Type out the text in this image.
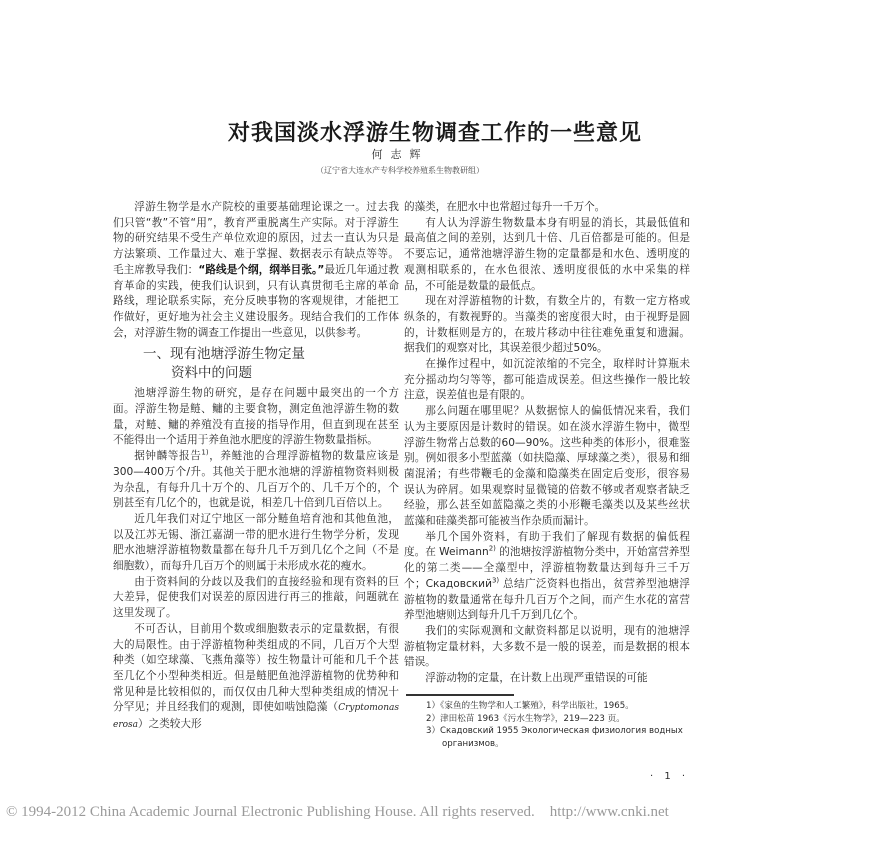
对我国淡水浮游生物调查工作的一些意见
何志辉
（辽宁省大连水产专科学校养殖系生物教研组）

浮游生物学是水产院校的重要基础理论课之一。过去我们只管“教”不管“用”，教育严重脱离生产实际。对于浮游生物的研究结果不受生产单位欢迎的原因，过去一直认为只是方法繁琐、工作量过大、难于掌握、数据表示有缺点等等。毛主席教导我们：“路线是个纲，纲举目张。”最近几年通过教育革命的实践，使我们认识到，只有认真贯彻毛主席的革命路线，理论联系实际，充分反映事物的客观规律，才能把工作做好，更好地为社会主义建设服务。现结合我们的工作体会，对浮游生物的调查工作提出一些意见，以供参考。

一、现有池塘浮游生物定量
资料中的问题

池塘浮游生物的研究，是存在问题中最突出的一个方面。浮游生物是鲢、鳙的主要食物，测定鱼池浮游生物的数量，对鲢、鳙的养殖没有直接的指导作用，但直到现在甚至不能得出一个适用于养鱼池水肥度的浮游生物数量指标。

据钟麟等报告$^{1)}$，养鲢池的合理浮游植物的数量应该是300—400万个/升。其他关于肥水池塘的浮游植物资料则极为杂乱，有每升几十万个的、几百万个的、几千万个的，个别甚至有几亿个的，也就是说，相差几十倍到几百倍以上。

近几年我们对辽宁地区一部分鲢鱼培育池和其他鱼池，以及江苏无锡、浙江嘉湖一带的肥水进行生物学分析，发现肥水池塘浮游植物数量都在每升几千万到几亿个之间（不是细胞数），而每升几百万个的则属于未形成水花的瘦水。

由于资料间的分歧以及我们的直接经验和现有资料的巨大差异，促使我们对误差的原因进行再三的推敲，问题就在这里发现了。

不可否认，目前用个数或细胞数表示的定量数据，有很大的局限性。由于浮游植物种类组成的不同，几百万个大型种类（如空球藻、飞燕角藻等）按生物量计可能和几千个甚至几亿个小型种类相近。但是鲢肥鱼池浮游植物的优势种和常见种是比较相似的，而仅仅由几种大型种类组成的情况十分罕见；并且经我们的观测，即使如啮蚀隐藻（Cryptomonas erosa）之类较大形

的藻类，在肥水中也常超过每升一千万个。

有人认为浮游生物数量本身有明显的消长，其最低值和最高值之间的差别，达到几十倍、几百倍都是可能的。但是不要忘记，通常池塘浮游生物的定量都是和水色、透明度的观测相联系的，在水色很浓、透明度很低的水中采集的样品，不可能是数量的最低点。

现在对浮游植物的计数，有数全片的，有数一定方格或纵条的，有数视野的。当藻类的密度很大时，由于视野是圆的，计数框则是方的，在玻片移动中往往难免重复和遗漏。据我们的观察对比，其误差很少超过50%。

在操作过程中，如沉淀浓缩的不完全，取样时计算瓶未充分摇动均匀等等，都可能造成误差。但这些操作一般比较注意，误差值也是有限的。

那么问题在哪里呢？从数据惊人的偏低情况来看，我们认为主要原因是计数时的错误。如在淡水浮游生物中，微型浮游生物常占总数的60—90%。这些种类的体形小，很难鉴别。例如很多小型蓝藻（如扶隐藻、厚球藻之类），很易和细菌混淆；有些带鞭毛的金藻和隐藻类在固定后变形，很容易误认为碎屑。如果观察时显微镜的倍数不够或者观察者缺乏经验，那么甚至如蓝隐藻之类的小形鞭毛藻类以及某些丝状蓝藻和硅藻类都可能被当作杂质而漏计。

举几个国外资料，有助于我们了解现有数据的偏低程度。在 Weimann$^{2)}$ 的池塘按浮游植物分类中，开始富营养型化的第二类——全藻型中，浮游植物数量达到每升三千万个；Скадовский$^{3)}$ 总结广泛资料也指出，贫营养型池塘浮游植物的数量通常在每升几百万个之间，而产生水花的富营养型池塘则达到每升几千万到几亿个。

我们的实际观测和文献资料都足以说明，现有的池塘浮游植物定量材料，大多数不是一般的误差，而是数据的根本错误。

浮游动物的定量，在计数上出现严重错误的可能

1）《家鱼的生物学和人工繁殖》，科学出版社，1965。
2）津田松苗 1963《污水生物学》，219—223 页。
3）Скадовский 1955 Экологическая физиология водных организмов。
· 1 ·
© 1994-2012 China Academic Journal Electronic Publishing House. All rights reserved.    http://www.cnki.net
